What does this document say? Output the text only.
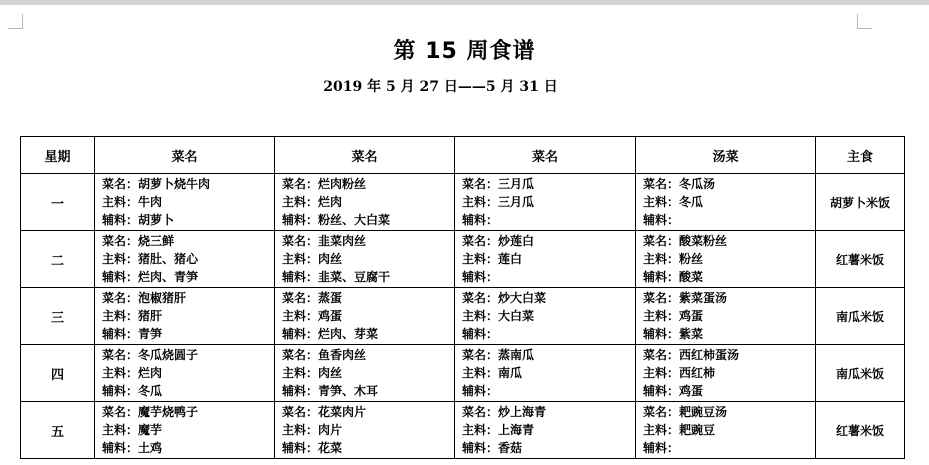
第 15 周食谱
2019 年 5 月 27 日——5 月 31 日
星期	菜名	菜名	菜名	汤菜	主食
一	菜名：胡萝卜烧牛肉
主料：牛肉
辅料：胡萝卜	菜名：烂肉粉丝
主料：烂肉
辅料：粉丝、大白菜	菜名：三月瓜
主料：三月瓜
辅料：	菜名：冬瓜汤
主料：冬瓜
辅料：	胡萝卜米饭
二	菜名：烧三鲜
主料：猪肚、猪心
辅料：烂肉、青笋	菜名：韭菜肉丝
主料：肉丝
辅料：韭菜、豆腐干	菜名：炒莲白
主料：莲白
辅料：	菜名：酸菜粉丝
主料：粉丝
辅料：酸菜	红薯米饭
三	菜名：泡椒猪肝
主料：猪肝
辅料：青笋	菜名：蒸蛋
主料：鸡蛋
辅料：烂肉、芽菜	菜名：炒大白菜
主料：大白菜
辅料：	菜名：紫菜蛋汤
主料：鸡蛋
辅料：紫菜	南瓜米饭
四	菜名：冬瓜烧圆子
主料：烂肉
辅料：冬瓜	菜名：鱼香肉丝
主料：肉丝
辅料：青笋、木耳	菜名：蒸南瓜
主料：南瓜
辅料：	菜名：西红柿蛋汤
主料：西红柿
辅料：鸡蛋	南瓜米饭
五	菜名：魔芋烧鸭子
主料：魔芋
辅料：土鸡	菜名：花菜肉片
主料：肉片
辅料：花菜	菜名：炒上海青
主料：上海青
辅料：香菇	菜名：耙豌豆汤
主料：耙豌豆
辅料：	红薯米饭
